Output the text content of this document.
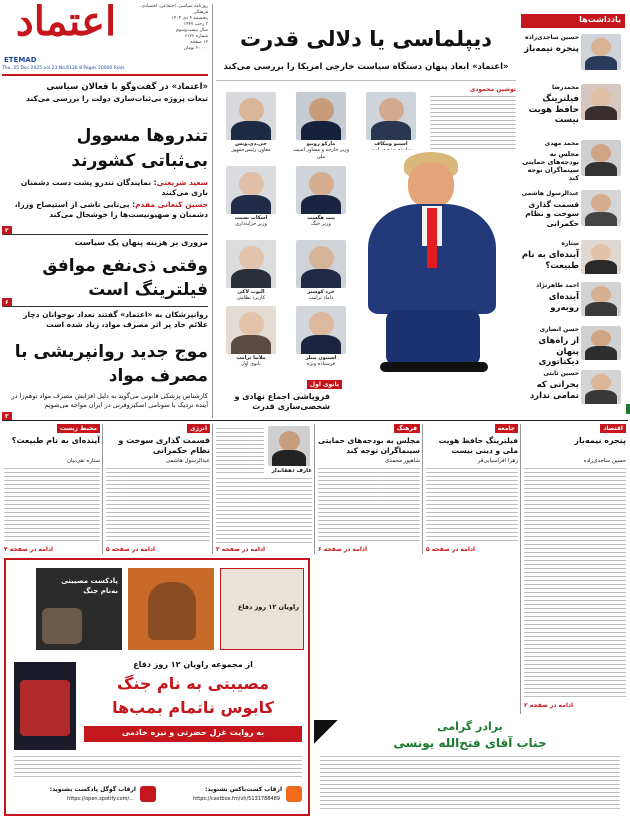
اعتماد
ETEMAD
روزنامه سیاسی، اجتماعی، اقتصادی، فرهنگی
پنجشنبه ۴ دی ۱۴۰۴
۳ رجب ۱۴۴۷
سال بیست‌وسوم
شماره ۶۱۲۶
۱۲ صفحه
۲۰۰۰۰ تومان
Thu. 25 Dec 2025 vol.23 No.6126 8 Pages 20000 Rials
«اعتماد» در گفت‌وگو با فعالان سیاسی
تبعات پروژه بی‌ثبات‌سازی دولت را بررسی می‌کند
تندروها مسوول بی‌ثباتی کشورند
سعید شریعتی: نمایندگان تندرو پشت دست دشمنان بازی می‌کنند
حسین کنعانی مقدم: بی‌تابی ناشی از استیضاح وزرا، دشمنان و صهیونیست‌ها را خوشحال می‌کند
۲
مروری بر هزینه پنهان یک سیاست
وقتی ذی‌نفع موافق فیلترینگ است
۶
روانپزشکان به «اعتماد» گفتند تعداد نوجوانان دچار علائم حاد پر اثر مصرف مواد، زیاد شده است
موج جدید روانپریشی با مصرف مواد
کارشناس پزشکی قانونی می‌گوید به دلیل افزایش مصرف مواد توهم‌زا در آینده نزدیک با سونامی اسکیزوفرنی در ایران مواجه می‌شویم
۳
دیپلماسی یا دلالی قدرت
«اعتماد» ابعاد پنهان دستگاه سیاست خارجی امریکا را بررسی می‌کند
نوشین محمودی
جی.دی.ونس
معاون رئیس‌جمهور
مارکو روبیو
وزیر خارجه و مشاور امنیت ملی
استیو ویتکاف
اسکات بسنت
وزیر خزانه‌داری
پیت هگست
وزیر جنگ
الیوت لاکی
کاربرد نظامی
جرد کوشنر
داماد ترامپ
ملانیا ترامپ
بانوی اول
استیون بیتلر
فرستاده ویژه
بانوی اول
فروپاشی اجماع نهادی و شخصی‌سازی قدرت
یادداشت‌ها
حسین ساجدی‌زاده
پنجره نیمه‌باز
محمدرضا
فیلترینگ حافظ هویت نیست
محمد مهدی
مجلس به بودجه‌های حمایتی سینماگران توجه کند
عبدالرسول هاشمی
قسمت گذاری سوخت و نظام حکمرانی
ستاره
آینده‌ای به نام طبیعت؟
احمد طاهرنژاد
آینده‌ای روبه‌رو
حسن انصاری
از راه‌های پنهان دیکتاتوری
حسین ثابتی
بحرانی که تمامی ندارد
محیط زیست
آینده‌ای به نام طبیعت؟
ستاره نقی‌بیان
ادامه در صفحه ۴
انرژی
قسمت گذاری سوخت و نظام حکمرانی
عبدالرسول هاشمی
ادامه در صفحه ۵
عارف دهقاندار
ادامه در صفحه ۳
فرهنگ
مجلس به بودجه‌های حمایتی سینماگران توجه کند
شاهپور محمدی
ادامه در صفحه ۶
جامعه
فیلترینگ حافظ هویت ملی و دینی نیست
زهرا افراسیابی‌فر
ادامه در صفحه ۵
اقتصاد
پنجره نیمه‌باز
حسین ساجدی‌زاده
ادامه در صفحه ۲
پادکست مصیبتی به‌نام جنگ
راویان ۱۲ روز دفاع
از مجموعه راویان ۱۲ روز دفاع
مصیبتی به نام جنگ
کابوس ناتمام بمب‌ها
به روایت غزل حضرتی و نیره خادمی
ازقاب کست‌باکس بشنوید:
https://castbox.fm/vh/5131788489
ازقاب گوگل پادکست بشنوید:
https://open.spotify.com/...
برادر گرامی
جناب آقای فتح‌الله یونسی
